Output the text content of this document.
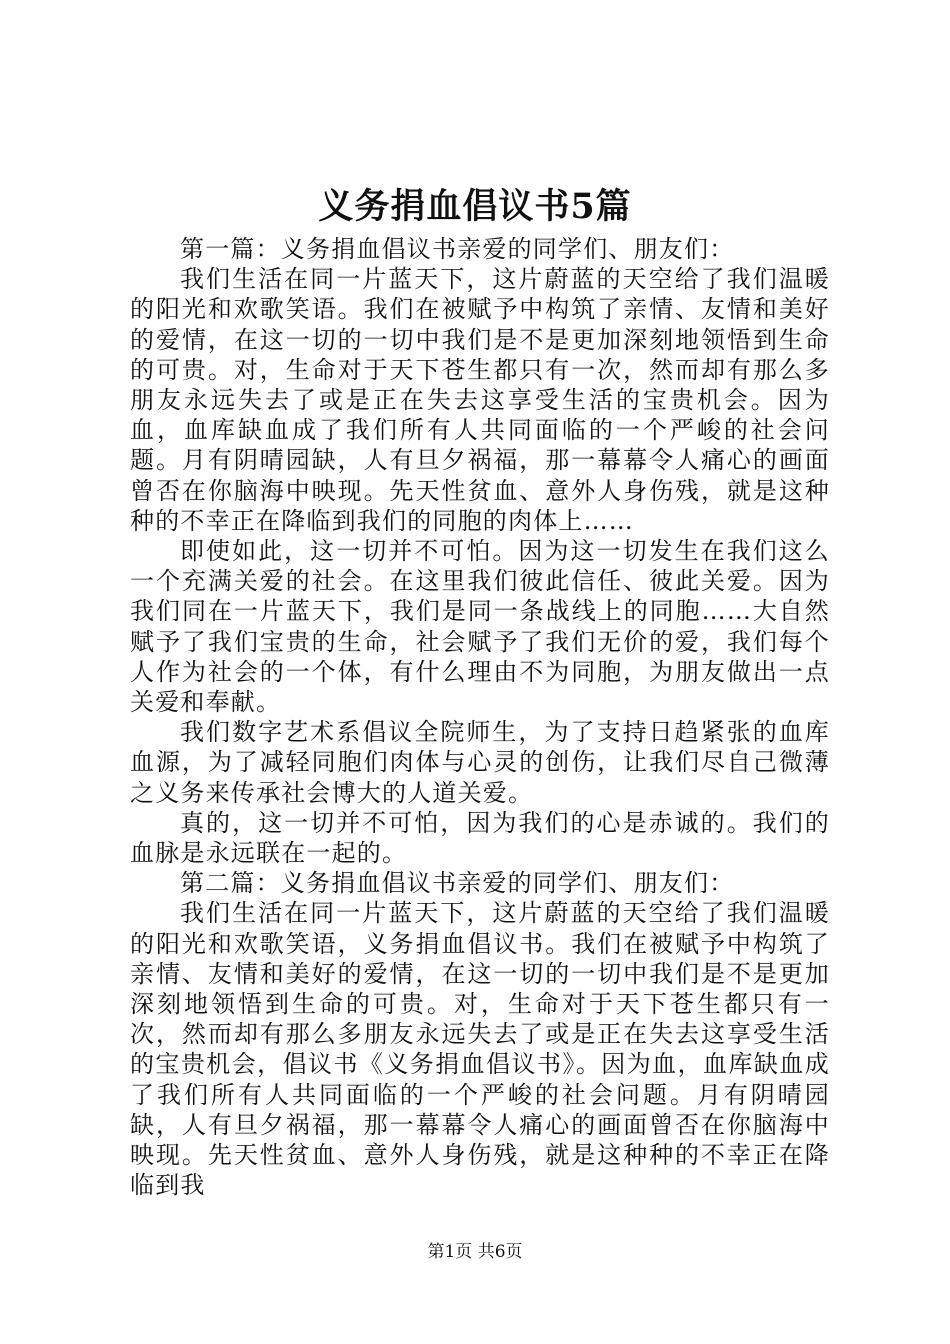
义务捐血倡议书5篇

第一篇：义务捐血倡议书亲爱的同学们、朋友们：

我们生活在同一片蓝天下，这片蔚蓝的天空给了我们温暖的阳光和欢歌笑语。我们在被赋予中构筑了亲情、友情和美好的爱情，在这一切的一切中我们是不是更加深刻地领悟到生命的可贵。对，生命对于天下苍生都只有一次，然而却有那么多朋友永远失去了或是正在失去这享受生活的宝贵机会。因为血，血库缺血成了我们所有人共同面临的一个严峻的社会问题。月有阴晴园缺，人有旦夕祸福，那一幕幕令人痛心的画面曾否在你脑海中映现。先天性贫血、意外人身伤残，就是这种种的不幸正在降临到我们的同胞的肉体上……

即使如此，这一切并不可怕。因为这一切发生在我们这么一个充满关爱的社会。在这里我们彼此信任、彼此关爱。因为我们同在一片蓝天下，我们是同一条战线上的同胞……大自然赋予了我们宝贵的生命，社会赋予了我们无价的爱，我们每个人作为社会的一个体，有什么理由不为同胞，为朋友做出一点关爱和奉献。

我们数字艺术系倡议全院师生，为了支持日趋紧张的血库血源，为了减轻同胞们肉体与心灵的创伤，让我们尽自己微薄之义务来传承社会博大的人道关爱。

真的，这一切并不可怕，因为我们的心是赤诚的。我们的血脉是永远联在一起的。

第二篇：义务捐血倡议书亲爱的同学们、朋友们：

我们生活在同一片蓝天下，这片蔚蓝的天空给了我们温暖的阳光和欢歌笑语，义务捐血倡议书。我们在被赋予中构筑了亲情、友情和美好的爱情，在这一切的一切中我们是不是更加深刻地领悟到生命的可贵。对，生命对于天下苍生都只有一次，然而却有那么多朋友永远失去了或是正在失去这享受生活的宝贵机会，倡议书《义务捐血倡议书》。因为血，血库缺血成了我们所有人共同面临的一个严峻的社会问题。月有阴晴园缺，人有旦夕祸福，那一幕幕令人痛心的画面曾否在你脑海中映现。先天性贫血、意外人身伤残，就是这种种的不幸正在降临到我

第1页 共6页
